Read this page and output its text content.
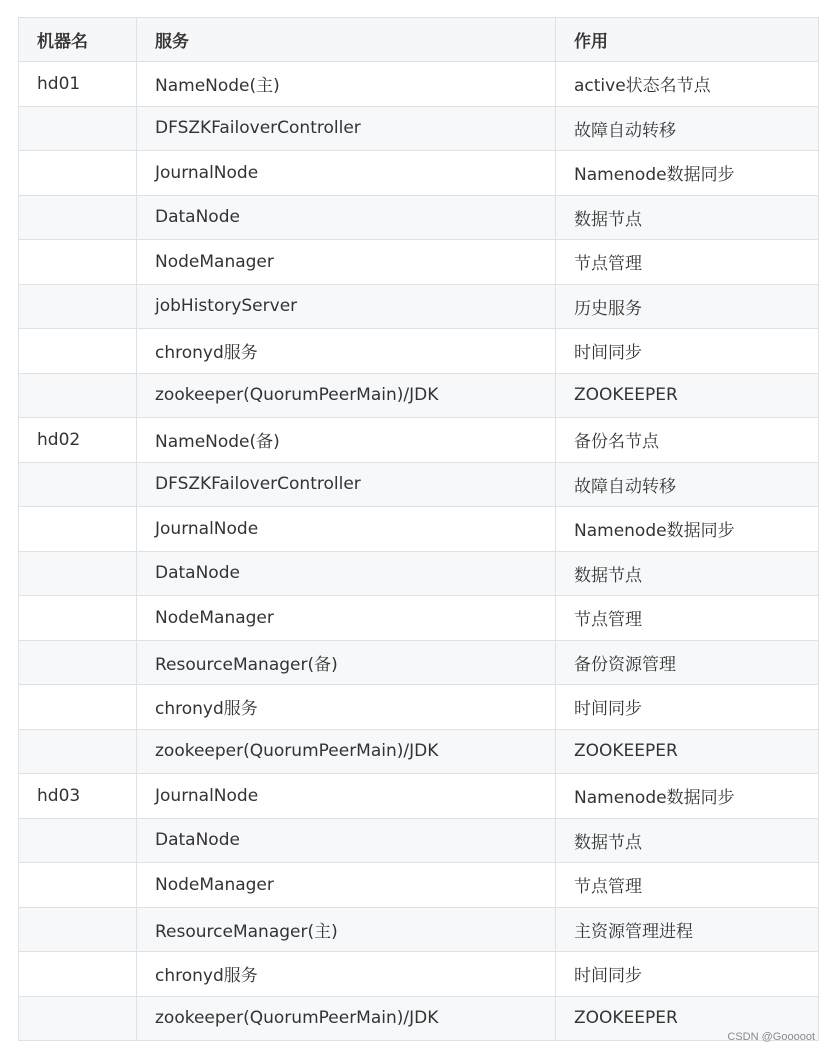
机器名	服务	作用
hd01	NameNode(主)	active状态名节点
	DFSZKFailoverController	故障自动转移
	JournalNode	Namenode数据同步
	DataNode	数据节点
	NodeManager	节点管理
	jobHistoryServer	历史服务
	chronyd服务	时间同步
	zookeeper(QuorumPeerMain)/JDK	ZOOKEEPER
hd02	NameNode(备)	备份名节点
	DFSZKFailoverController	故障自动转移
	JournalNode	Namenode数据同步
	DataNode	数据节点
	NodeManager	节点管理
	ResourceManager(备)	备份资源管理
	chronyd服务	时间同步
	zookeeper(QuorumPeerMain)/JDK	ZOOKEEPER
hd03	JournalNode	Namenode数据同步
	DataNode	数据节点
	NodeManager	节点管理
	ResourceManager(主)	主资源管理进程
	chronyd服务	时间同步
	zookeeper(QuorumPeerMain)/JDK	ZOOKEEPER
CSDN @Gooooot
